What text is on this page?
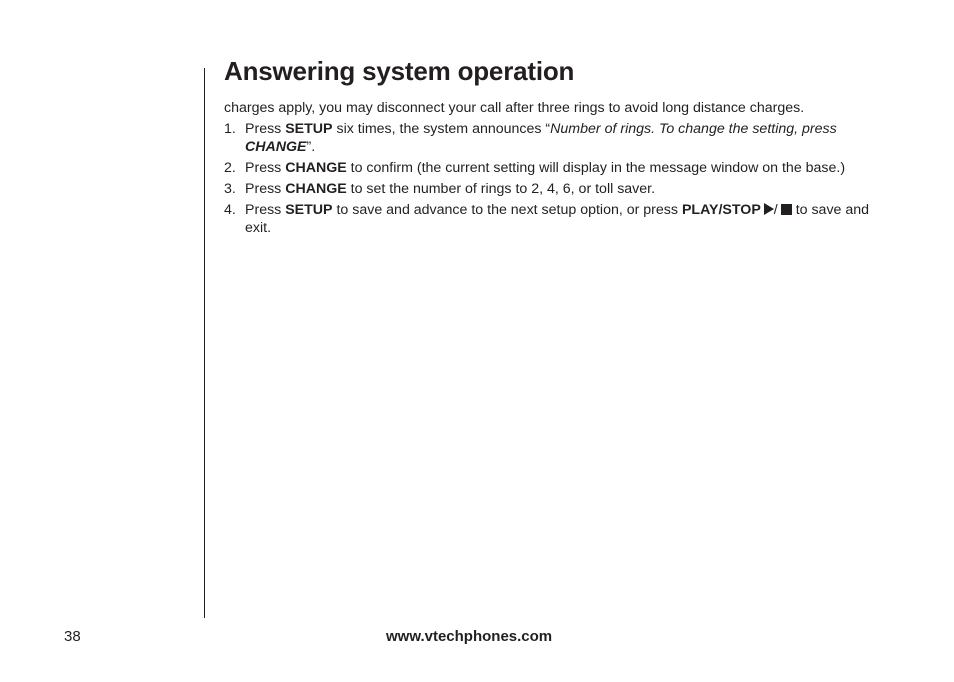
Answering system operation

charges apply, you may disconnect your call after three rings to avoid long distance charges.

1. Press SETUP six times, the system announces “Number of rings. To change the setting, press CHANGE”.
2. Press CHANGE to confirm (the current setting will display in the message window on the base.)
3. Press CHANGE to set the number of rings to 2, 4, 6, or toll saver.
4. Press SETUP to save and advance to the next setup option, or press PLAY/STOP / to save and exit.
38	www.vtechphones.com
